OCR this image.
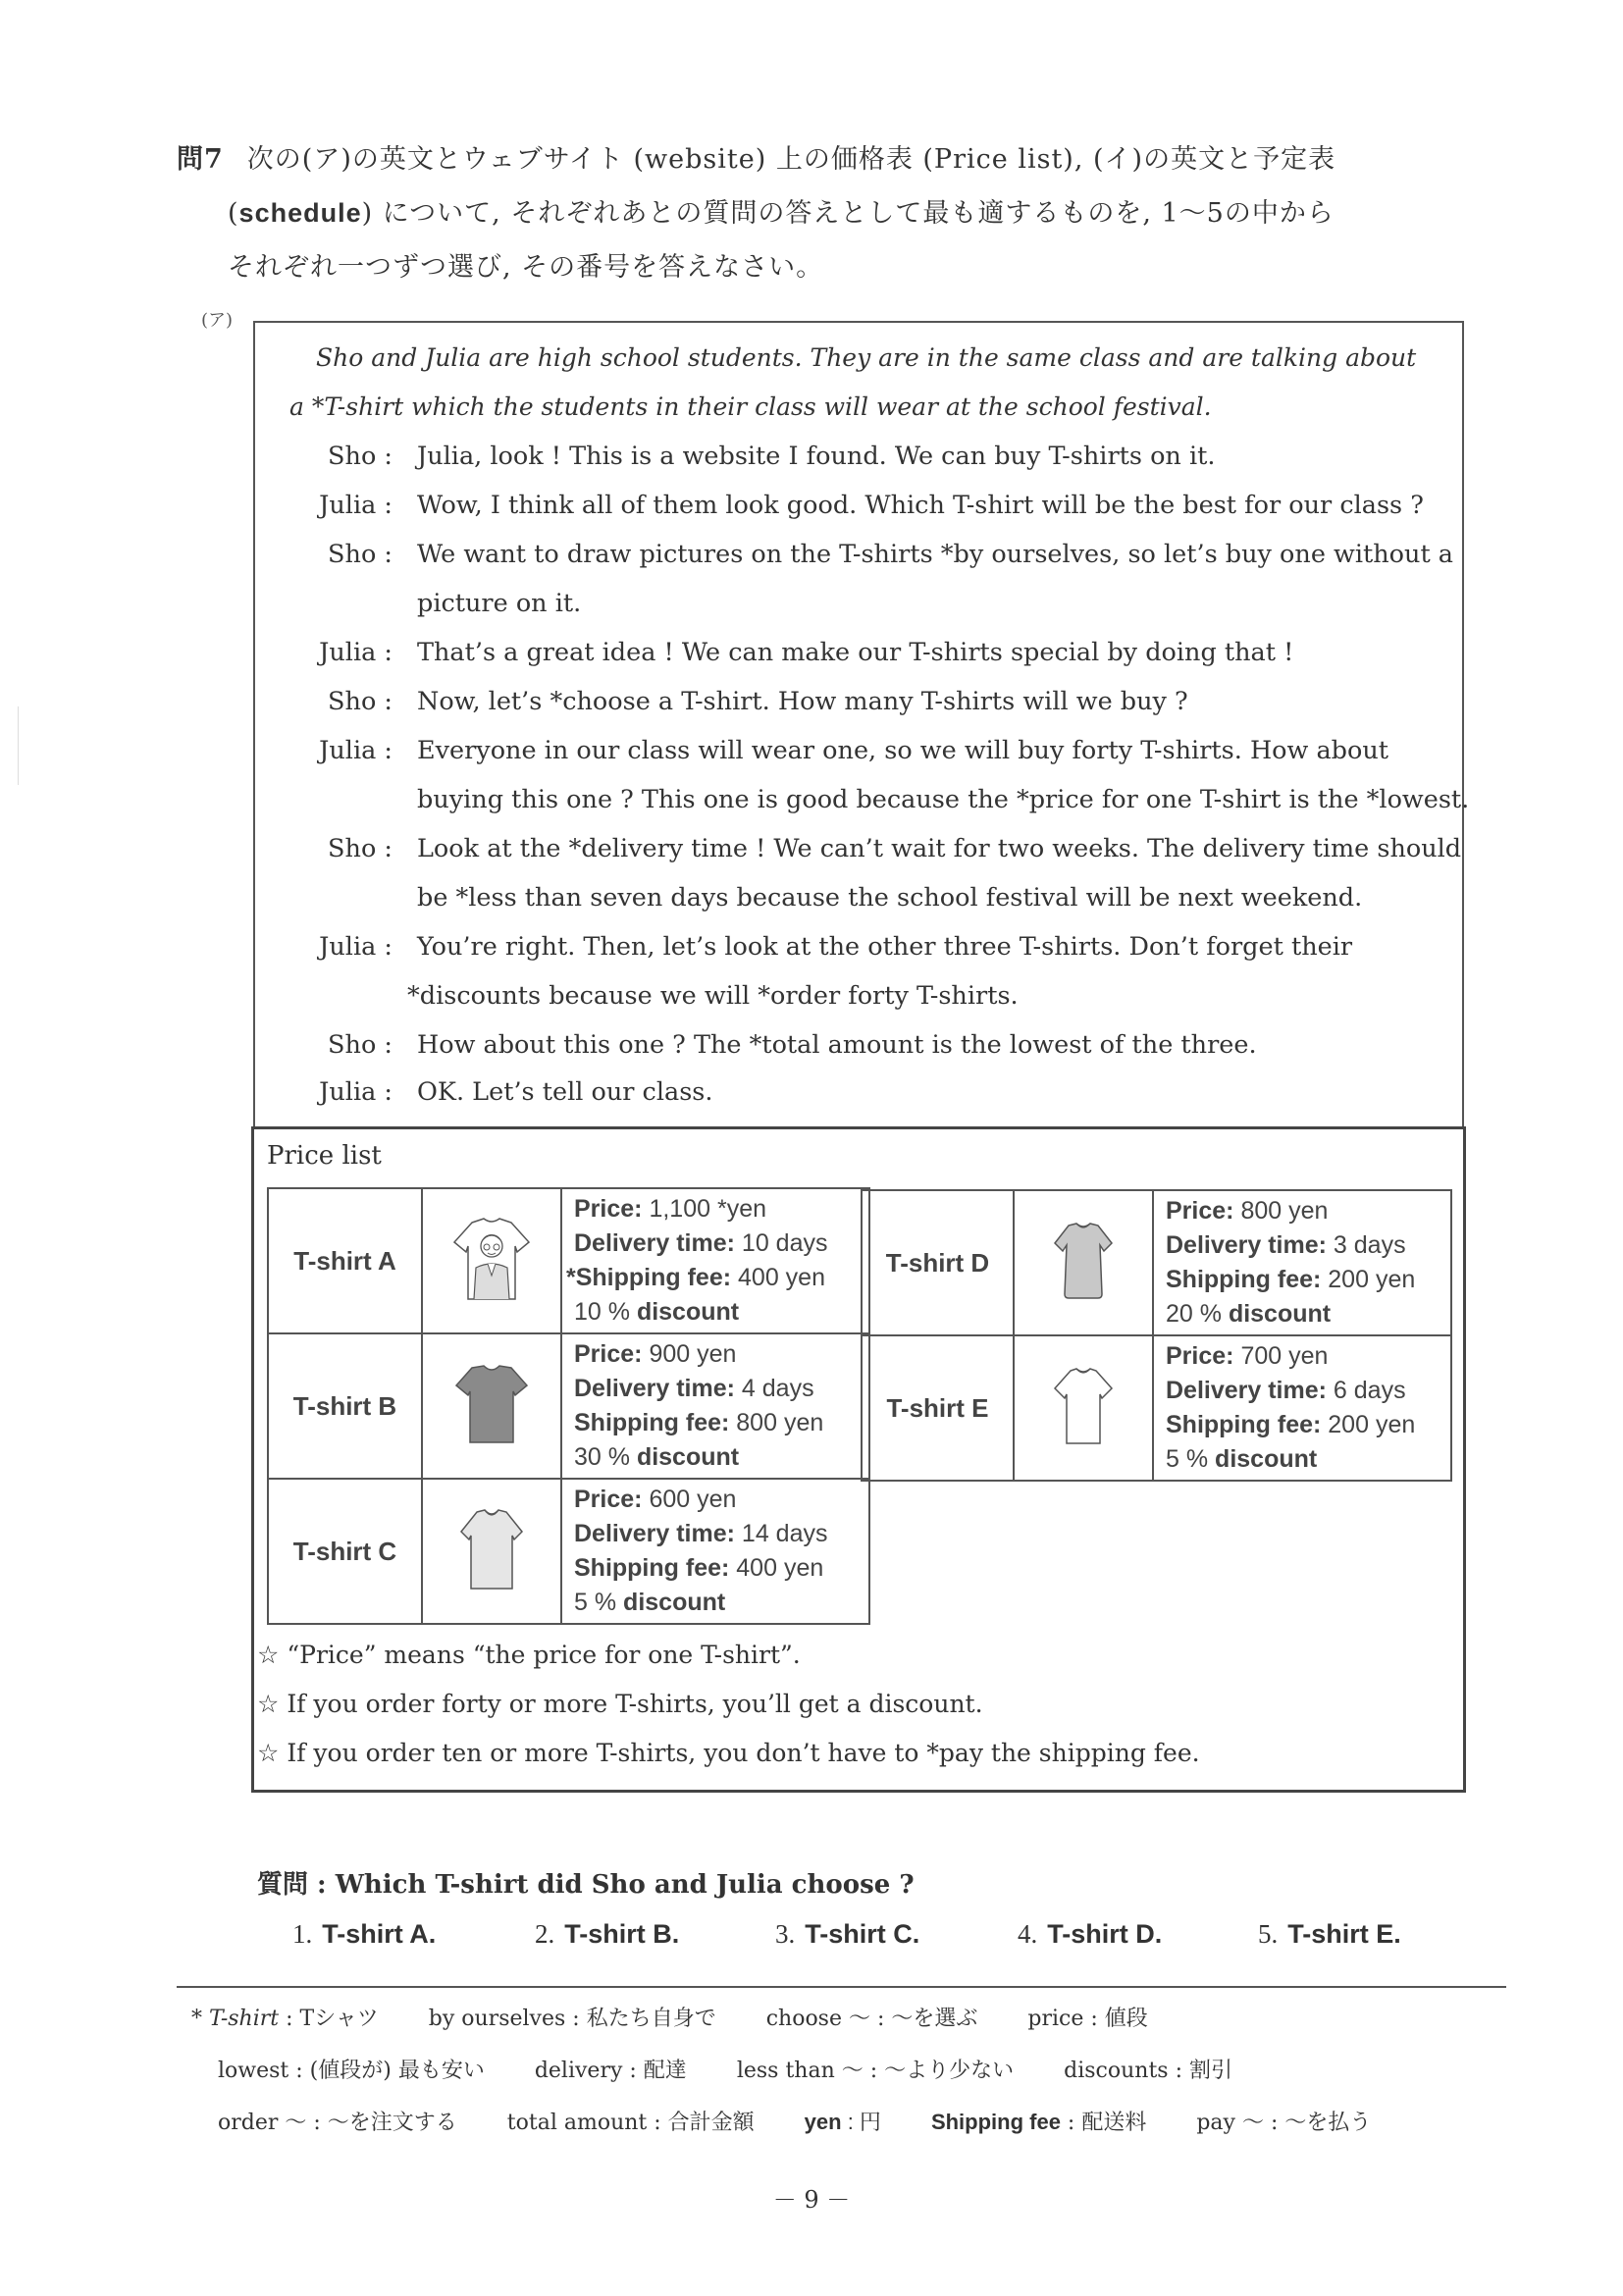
問7 次の(ア)の英文とウェブサイト (website) 上の価格表 (Price list), (イ)の英文と予定表
(schedule) について, それぞれあとの質問の答えとして最も適するものを, 1～5の中から
それぞれ一つずつ選び, その番号を答えなさい。
(ア)
Sho and Julia are high school students. They are in the same class and are talking about
a *T-shirt which the students in their class will wear at the school festival.
Sho : Julia, look ! This is a website I found. We can buy T-shirts on it.
Julia : Wow, I think all of them look good. Which T-shirt will be the best for our class ?
Sho : We want to draw pictures on the T-shirts *by ourselves, so let’s buy one without a
picture on it.
Julia : That’s a great idea ! We can make our T-shirts special by doing that !
Sho : Now, let’s *choose a T-shirt. How many T-shirts will we buy ?
Julia : Everyone in our class will wear one, so we will buy forty T-shirts. How about
buying this one ? This one is good because the *price for one T-shirt is the *lowest.
Sho : Look at the *delivery time ! We can’t wait for two weeks. The delivery time should
be *less than seven days because the school festival will be next weekend.
Julia : You’re right. Then, let’s look at the other three T-shirts. Don’t forget their
*discounts because we will *order forty T-shirts.
Sho : How about this one ? The *total amount is the lowest of the three.
Julia : OK. Let’s tell our class.
Price list
T-shirt A		Price: 1,100 *yen
Delivery time: 10 days
*Shipping fee: 400 yen
10 % discount

T-shirt B		Price: 900 yen
Delivery time: 4 days
Shipping fee: 800 yen
30 % discount

T-shirt C		Price: 600 yen
Delivery time: 14 days
Shipping fee: 400 yen
5 % discount
T-shirt D		Price: 800 yen
Delivery time: 3 days
Shipping fee: 200 yen
20 % discount

T-shirt E		Price: 700 yen
Delivery time: 6 days
Shipping fee: 200 yen
5 % discount
☆ “Price” means “the price for one T-shirt”.
☆ If you order forty or more T-shirts, you’ll get a discount.
☆ If you order ten or more T-shirts, you don’t have to *pay the shipping fee.
質問 : Which T-shirt did Sho and Julia choose ?
1. T-shirt A.	2. T-shirt B.	3. T-shirt C.	4. T-shirt D.	5. T-shirt E.
* T-shirt : Tシャツ by ourselves : 私たち自身で choose ～ : ～を選ぶ price : 値段
lowest : (値段が) 最も安い delivery : 配達 less than ～ : ～より少ない discounts : 割引
order ～ : ～を注文する total amount : 合計金額 yen : 円 Shipping fee : 配送料 pay ～ : ～を払う
－ 9 －
